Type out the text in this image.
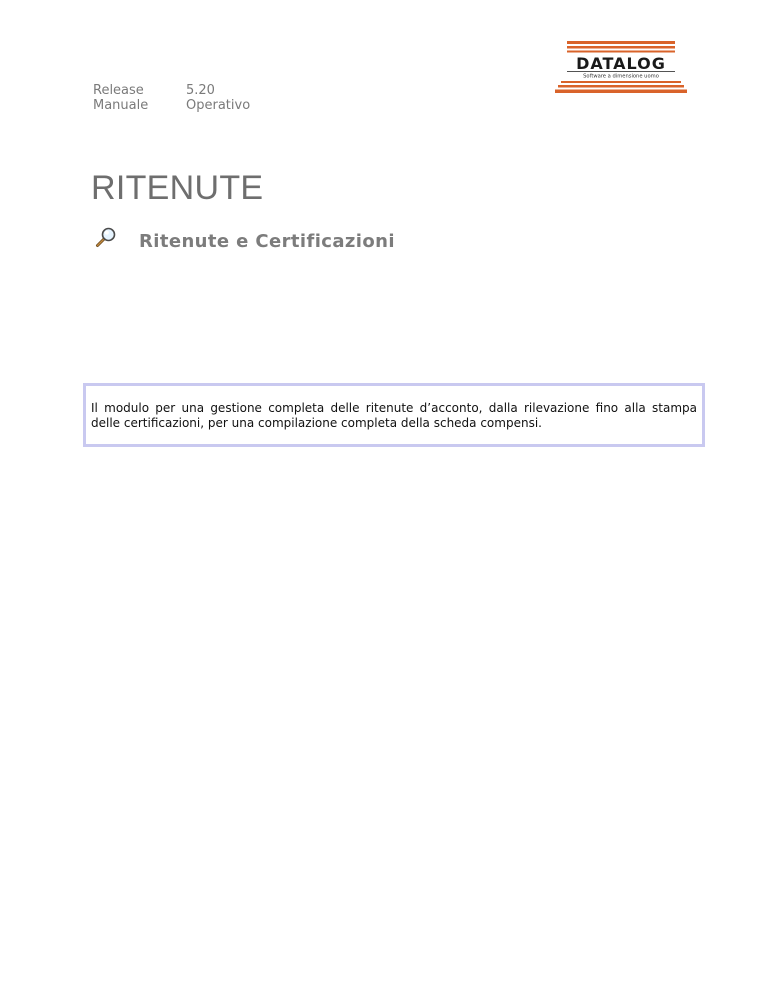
Release	5.20
Manuale	Operativo
DATALOG
Software a dimensione uomo
RITENUTE
Ritenute e Certificazioni

Il modulo per una gestione completa delle ritenute d’acconto, dalla rilevazione fino alla stampa delle certificazioni, per una compilazione completa della scheda compensi.
